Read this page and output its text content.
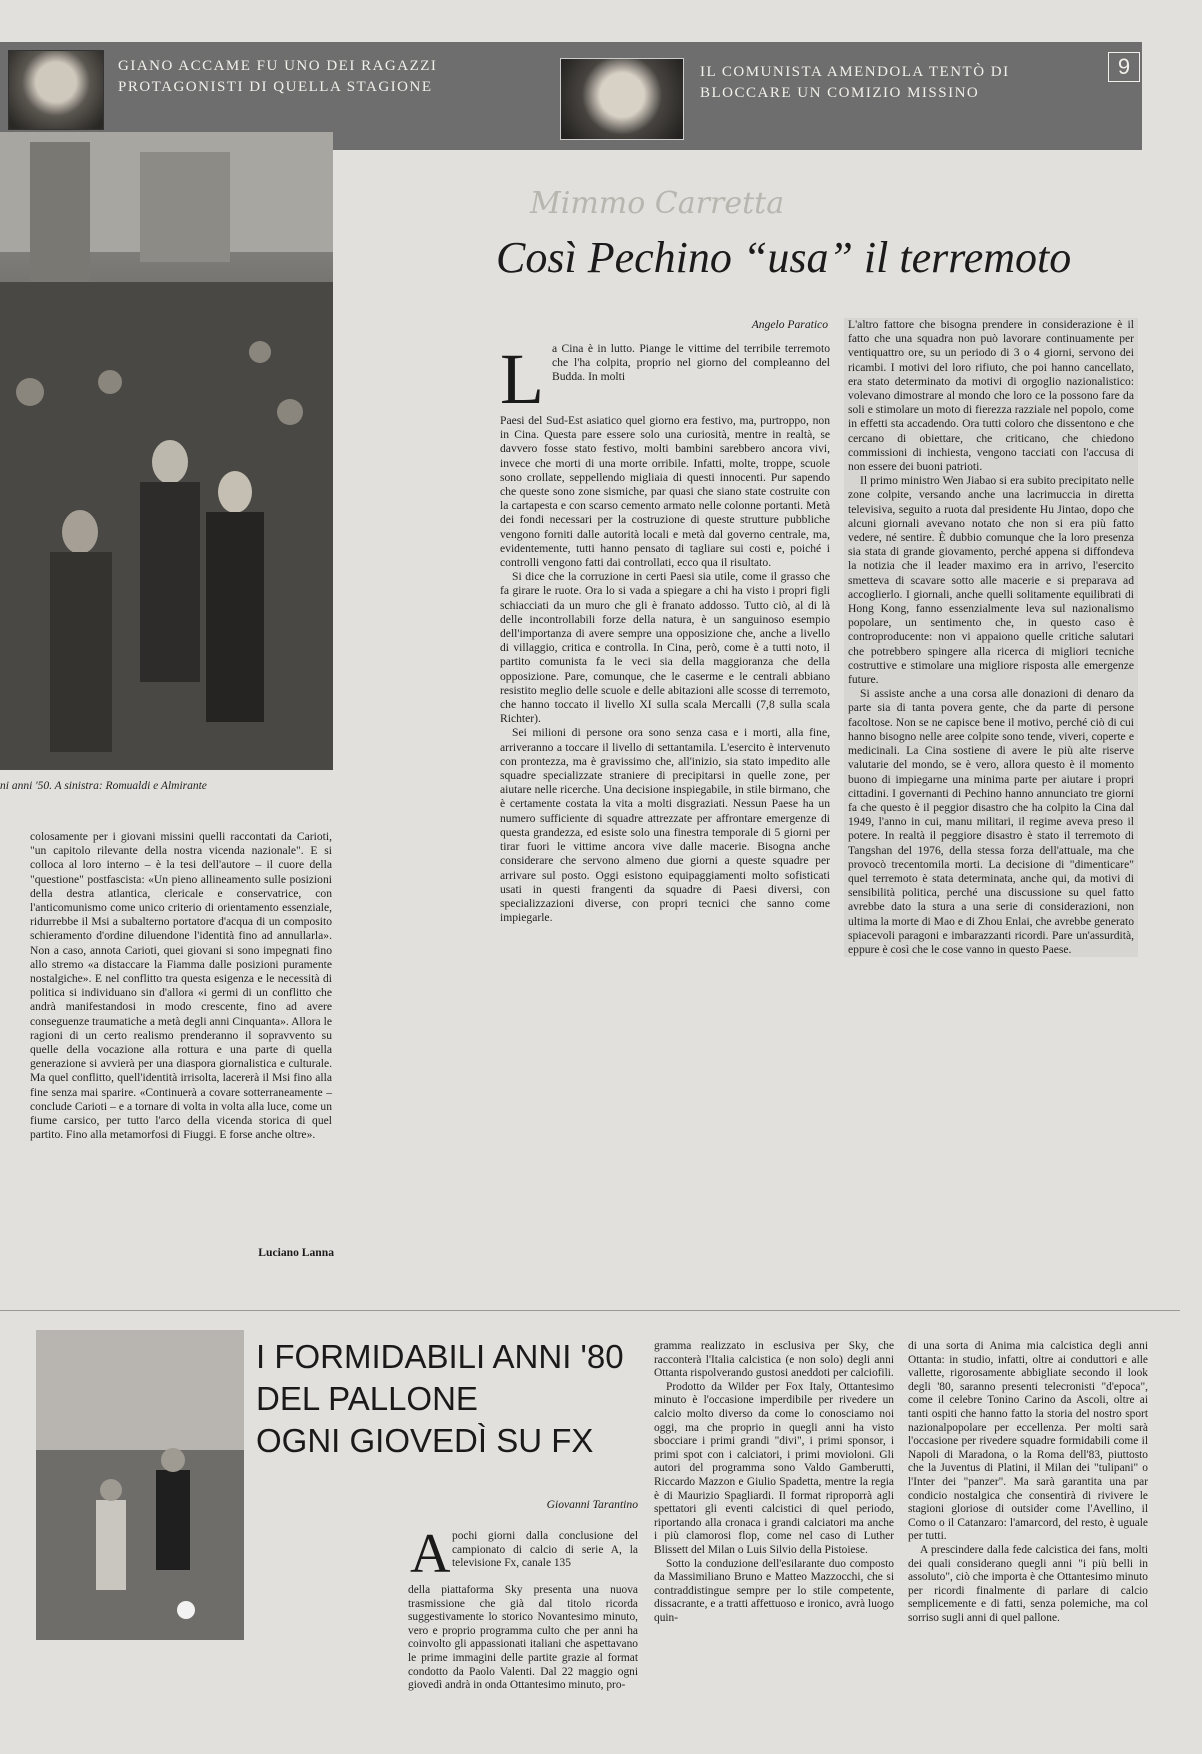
GIANO ACCAME FU UNO DEI RAGAZZI PROTAGONISTI DI QUELLA STAGIONE
IL COMUNISTA AMENDOLA TENTÒ DI BLOCCARE UN COMIZIO MISSINO
9
ni anni '50. A sinistra: Romualdi e Almirante

colosamente per i giovani missini quelli raccontati da Carioti, "un capitolo rilevante della nostra vicenda nazionale". E si colloca al loro interno – è la tesi dell'autore – il cuore della "questione" postfascista: «Un pieno allineamento sulle posizioni della destra atlantica, clericale e conservatrice, con l'anticomunismo come unico criterio di orientamento essenziale, ridurrebbe il Msi a subalterno portatore d'acqua di un composito schieramento d'ordine diluendone l'identità fino ad annullarla». Non a caso, annota Carioti, quei giovani si sono impegnati fino allo stremo «a distaccare la Fiamma dalle posizioni puramente nostalgiche». E nel conflitto tra questa esigenza e le necessità di politica si individuano sin d'allora «i germi di un conflitto che andrà manifestandosi in modo crescente, fino ad avere conseguenze traumatiche a metà degli anni Cinquanta». Allora le ragioni di un certo realismo prenderanno il sopravvento su quelle della vocazione alla rottura e una parte di quella generazione si avvierà per una diaspora giornalistica e culturale. Ma quel conflitto, quell'identità irrisolta, lacererà il Msi fino alla fine senza mai sparire. «Continuerà a covare sotterraneamente – conclude Carioti – e a tornare di volta in volta alla luce, come un fiume carsico, per tutto l'arco della vicenda storica di quel partito. Fino alla metamorfosi di Fiuggi. E forse anche oltre».

Luciano Lanna
Mimmo Carretta
Così Pechino “usa” il terremoto
Angelo Paratico
L a Cina è in lutto. Piange le vittime del terribile terremoto che l'ha colpita, proprio nel giorno del compleanno del Budda. In molti

Paesi del Sud-Est asiatico quel giorno era festivo, ma, purtroppo, non in Cina. Questa pare essere solo una curiosità, mentre in realtà, se davvero fosse stato festivo, molti bambini sarebbero ancora vivi, invece che morti di una morte orribile. Infatti, molte, troppe, scuole sono crollate, seppellendo migliaia di questi innocenti. Pur sapendo che queste sono zone sismiche, par quasi che siano state costruite con la cartapesta e con scarso cemento armato nelle colonne portanti. Metà dei fondi necessari per la costruzione di queste strutture pubbliche vengono forniti dalle autorità locali e metà dal governo centrale, ma, evidentemente, tutti hanno pensato di tagliare sui costi e, poiché i controlli vengono fatti dai controllati, ecco qua il risultato.

Si dice che la corruzione in certi Paesi sia utile, come il grasso che fa girare le ruote. Ora lo si vada a spiegare a chi ha visto i propri figli schiacciati da un muro che gli è franato addosso. Tutto ciò, al di là delle incontrollabili forze della natura, è un sanguinoso esempio dell'importanza di avere sempre una opposizione che, anche a livello di villaggio, critica e controlla. In Cina, però, come è a tutti noto, il partito comunista fa le veci sia della maggioranza che della opposizione. Pare, comunque, che le caserme e le centrali abbiano resistito meglio delle scuole e delle abitazioni alle scosse di terremoto, che hanno toccato il livello XI sulla scala Mercalli (7,8 sulla scala Richter).

Sei milioni di persone ora sono senza casa e i morti, alla fine, arriveranno a toccare il livello di settantamila. L'esercito è intervenuto con prontezza, ma è gravissimo che, all'inizio, sia stato impedito alle squadre specializzate straniere di precipitarsi in quelle zone, per aiutare nelle ricerche. Una decisione inspiegabile, in stile birmano, che è certamente costata la vita a molti disgraziati. Nessun Paese ha un numero sufficiente di squadre attrezzate per affrontare emergenze di questa grandezza, ed esiste solo una finestra temporale di 5 giorni per tirar fuori le vittime ancora vive dalle macerie. Bisogna anche considerare che servono almeno due giorni a queste squadre per arrivare sul posto. Oggi esistono equipaggiamenti molto sofisticati usati in questi frangenti da squadre di Paesi diversi, con specializzazioni diverse, con propri tecnici che sanno come impiegarle.

L'altro fattore che bisogna prendere in considerazione è il fatto che una squadra non può lavorare continuamente per ventiquattro ore, su un periodo di 3 o 4 giorni, servono dei ricambi. I motivi del loro rifiuto, che poi hanno cancellato, era stato determinato da motivi di orgoglio nazionalistico: volevano dimostrare al mondo che loro ce la possono fare da soli e stimolare un moto di fierezza razziale nel popolo, come in effetti sta accadendo. Ora tutti coloro che dissentono e che cercano di obiettare, che criticano, che chiedono commissioni di inchiesta, vengono tacciati con l'accusa di non essere dei buoni patrioti.

Il primo ministro Wen Jiabao si era subito precipitato nelle zone colpite, versando anche una lacrimuccia in diretta televisiva, seguito a ruota dal presidente Hu Jintao, dopo che alcuni giornali avevano notato che non si era più fatto vedere, né sentire. È dubbio comunque che la loro presenza sia stata di grande giovamento, perché appena si diffondeva la notizia che il leader maximo era in arrivo, l'esercito smetteva di scavare sotto alle macerie e si preparava ad accoglierlo. I giornali, anche quelli solitamente equilibrati di Hong Kong, fanno essenzialmente leva sul nazionalismo popolare, un sentimento che, in questo caso è controproducente: non vi appaiono quelle critiche salutari che potrebbero spingere alla ricerca di migliori tecniche costruttive e stimolare una migliore risposta alle emergenze future.

Si assiste anche a una corsa alle donazioni di denaro da parte sia di tanta povera gente, che da parte di persone facoltose. Non se ne capisce bene il motivo, perché ciò di cui hanno bisogno nelle aree colpite sono tende, viveri, coperte e medicinali. La Cina sostiene di avere le più alte riserve valutarie del mondo, se è vero, allora questo è il momento buono di impiegarne una minima parte per aiutare i propri cittadini. I governanti di Pechino hanno annunciato tre giorni fa che questo è il peggior disastro che ha colpito la Cina dal 1949, l'anno in cui, manu militari, il regime aveva preso il potere. In realtà il peggiore disastro è stato il terremoto di Tangshan del 1976, della stessa forza dell'attuale, ma che provocò trecentomila morti. La decisione di "dimenticare" quel terremoto è stata determinata, anche qui, da motivi di sensibilità politica, perché una discussione su quel fatto avrebbe dato la stura a una serie di considerazioni, non ultima la morte di Mao e di Zhou Enlai, che avrebbe generato spiacevoli paragoni e imbarazzanti ricordi. Pare un'assurdità, eppure è così che le cose vanno in questo Paese.

I FORMIDABILI ANNI '80
DEL PALLONE
OGNI GIOVEDÌ SU FX
Giovanni Tarantino
A pochi giorni dalla conclusione del campionato di calcio di serie A, la televisione Fx, canale 135

della piattaforma Sky presenta una nuova trasmissione che già dal titolo ricorda suggestivamente lo storico Novantesimo minuto, vero e proprio programma culto che per anni ha coinvolto gli appassionati italiani che aspettavano le prime immagini delle partite grazie al format condotto da Paolo Valenti. Dal 22 maggio ogni giovedì andrà in onda Ottantesimo minuto, pro-

gramma realizzato in esclusiva per Sky, che racconterà l'Italia calcistica (e non solo) degli anni Ottanta rispolverando gustosi aneddoti per calciofili.

Prodotto da Wilder per Fox Italy, Ottantesimo minuto è l'occasione imperdibile per rivedere un calcio molto diverso da come lo conosciamo noi oggi, ma che proprio in quegli anni ha visto sbocciare i primi grandi "divi", i primi sponsor, i primi spot con i calciatori, i primi movioloni. Gli autori del programma sono Valdo Gamberutti, Riccardo Mazzon e Giulio Spadetta, mentre la regia è di Maurizio Spagliardi. Il format riproporrà agli spettatori gli eventi calcistici di quel periodo, riportando alla cronaca i grandi calciatori ma anche i più clamorosi flop, come nel caso di Luther Blissett del Milan o Luis Silvio della Pistoiese.

Sotto la conduzione dell'esilarante duo composto da Massimiliano Bruno e Matteo Mazzocchi, che si contraddistingue sempre per lo stile competente, dissacrante, e a tratti affettuoso e ironico, avrà luogo quin-

di una sorta di Anima mia calcistica degli anni Ottanta: in studio, infatti, oltre ai conduttori e alle vallette, rigorosamente abbigliate secondo il look degli '80, saranno presenti telecronisti "d'epoca", come il celebre Tonino Carino da Ascoli, oltre ai tanti ospiti che hanno fatto la storia del nostro sport nazionalpopolare per eccellenza. Per molti sarà l'occasione per rivedere squadre formidabili come il Napoli di Maradona, o la Roma dell'83, piuttosto che la Juventus di Platini, il Milan dei "tulipani" o l'Inter dei "panzer". Ma sarà garantita una par condicio nostalgica che consentirà di rivivere le stagioni gloriose di outsider come l'Avellino, il Como o il Catanzaro: l'amarcord, del resto, è uguale per tutti.

A prescindere dalla fede calcistica dei fans, molti dei quali considerano quegli anni "i più belli in assoluto", ciò che importa è che Ottantesimo minuto per ricordi finalmente di parlare di calcio semplicemente e di fatti, senza polemiche, ma col sorriso sugli anni di quel pallone.
